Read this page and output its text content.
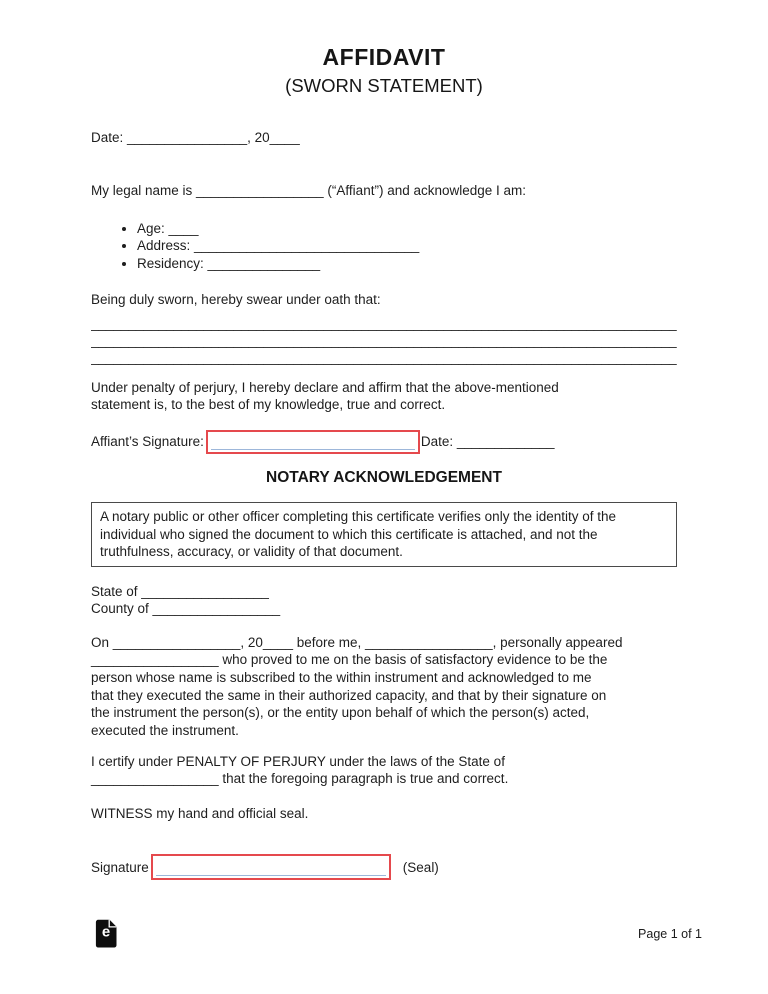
AFFIDAVIT
(SWORN STATEMENT)
Date: ________________, 20____
My legal name is _________________ (“Affiant”) and acknowledge I am:
• Age: ____
• Address: ______________________________
• Residency: _______________
Being duly sworn, hereby swear under oath that:
______________________________________________________________________________
______________________________________________________________________________
______________________________________________________________________________

Under penalty of perjury, I hereby declare and affirm that the above-mentioned
statement is, to the best of my knowledge, true and correct.

Affiant’s Signature:	Date: _____________
NOTARY ACKNOWLEDGEMENT
A notary public or other officer completing this certificate verifies only the identity of the
individual who signed the document to which this certificate is attached, and not the
truthfulness, accuracy, or validity of that document.
State of _________________
County of _________________

On _________________, 20____ before me, _________________, personally appeared
_________________ who proved to me on the basis of satisfactory evidence to be the
person whose name is subscribed to the within instrument and acknowledged to me
that they executed the same in their authorized capacity, and that by their signature on
the instrument the person(s), or the entity upon behalf of which the person(s) acted,
executed the instrument.

I certify under PENALTY OF PERJURY under the laws of the State of
_________________ that the foregoing paragraph is true and correct.

WITNESS my hand and official seal.
Signature	(Seal)
e	Page 1 of 1
